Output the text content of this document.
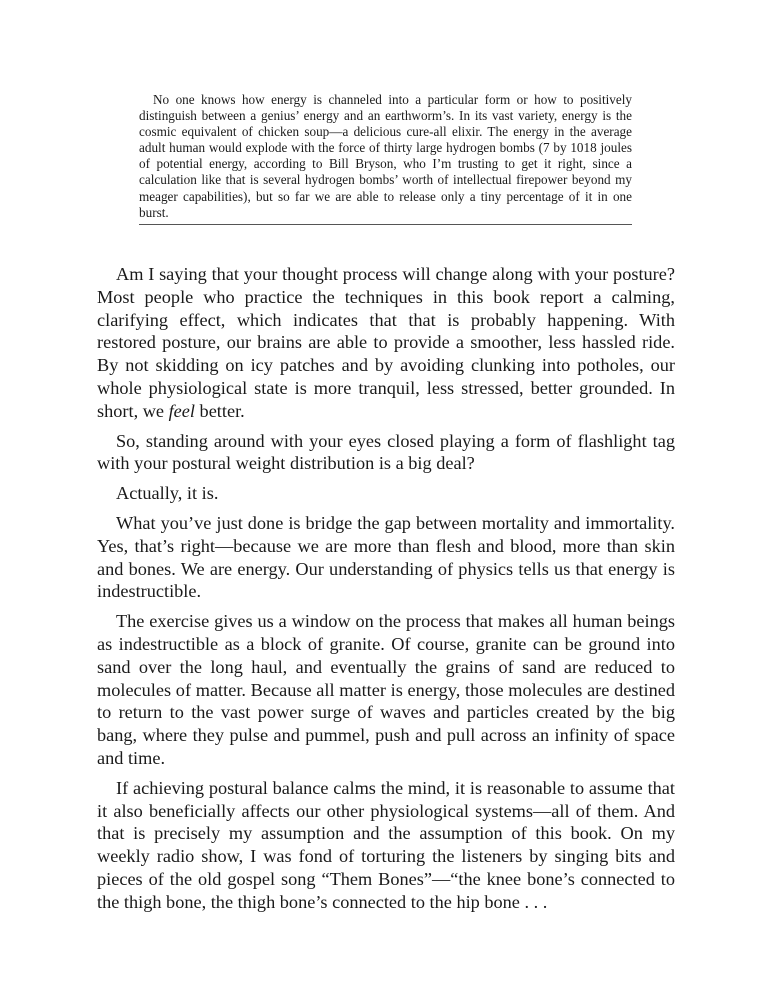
No one knows how energy is channeled into a particular form or how to positively distinguish between a genius’ energy and an earthworm’s. In its vast variety, energy is the cosmic equivalent of chicken soup—a delicious cure-all elixir. The energy in the average adult human would explode with the force of thirty large hydrogen bombs (7 by 1018 joules of potential energy, according to Bill Bryson, who I’m trusting to get it right, since a calculation like that is several hydrogen bombs’ worth of intellectual firepower beyond my meager capabilities), but so far we are able to release only a tiny percentage of it in one burst.

Am I saying that your thought process will change along with your posture? Most people who practice the techniques in this book report a calming, clarifying effect, which indicates that that is probably happening. With restored posture, our brains are able to provide a smoother, less hassled ride. By not skidding on icy patches and by avoiding clunking into potholes, our whole physiological state is more tranquil, less stressed, better grounded. In short, we feel better.

So, standing around with your eyes closed playing a form of flashlight tag with your postural weight distribution is a big deal?

Actually, it is.

What you’ve just done is bridge the gap between mortality and immortality. Yes, that’s right—because we are more than flesh and blood, more than skin and bones. We are energy. Our understanding of physics tells us that energy is indestructible.

The exercise gives us a window on the process that makes all human beings as indestructible as a block of granite. Of course, granite can be ground into sand over the long haul, and eventually the grains of sand are reduced to molecules of matter. Because all matter is energy, those molecules are destined to return to the vast power surge of waves and particles created by the big bang, where they pulse and pummel, push and pull across an infinity of space and time.

If achieving postural balance calms the mind, it is reasonable to assume that it also beneficially affects our other physiological systems—all of them. And that is precisely my assumption and the assumption of this book. On my weekly radio show, I was fond of torturing the listeners by singing bits and pieces of the old gospel song “Them Bones”—“the knee bone’s connected to the thigh bone, the thigh bone’s connected to the hip bone . . .
